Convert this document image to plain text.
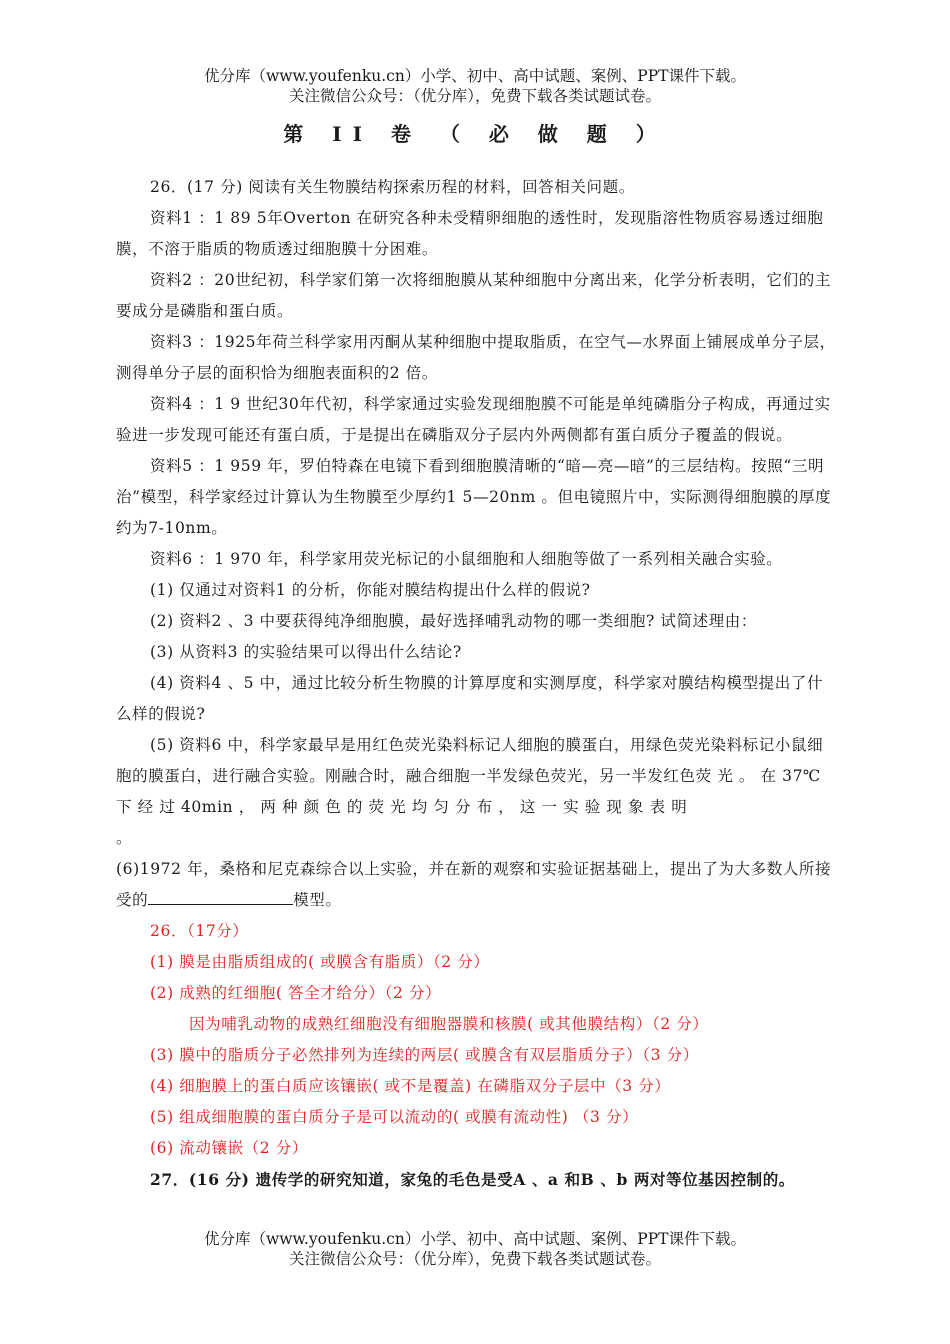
优分库（www.youfenku.cn）小学、初中、高中试题、案例、PPT课件下载。
关注微信公众号：（优分库），免费下载各类试题试卷。
第 II 卷 （ 必 做 题 ）

26．(17 分) 阅读有关生物膜结构探索历程的材料，回答相关问题。

资料1 ：1 89 5年Overton 在研究各种未受精卵细胞的透性时，发现脂溶性物质容易透过细胞膜，不溶于脂质的物质透过细胞膜十分困难。

资料2 ：20世纪初，科学家们第一次将细胞膜从某种细胞中分离出来，化学分析表明，它们的主要成分是磷脂和蛋白质。

资料3 ：1925年荷兰科学家用丙酮从某种细胞中提取脂质，在空气—水界面上铺展成单分子层，测得单分子层的面积恰为细胞表面积的2 倍。

资料4 ：1 9 世纪30年代初，科学家通过实验发现细胞膜不可能是单纯磷脂分子构成，再通过实验进一步发现可能还有蛋白质，于是提出在磷脂双分子层内外两侧都有蛋白质分子覆盖的假说。

资料5 ：1 959 年，罗伯特森在电镜下看到细胞膜清晰的“暗—亮—暗”的三层结构。按照“三明治”模型，科学家经过计算认为生物膜至少厚约1 5—20nm 。但电镜照片中，实际测得细胞膜的厚度约为7-10nm。

资料6 ：1 970 年，科学家用荧光标记的小鼠细胞和人细胞等做了一系列相关融合实验。

(1) 仅通过对资料1 的分析，你能对膜结构提出什么样的假说?

(2) 资料2 、3 中要获得纯净细胞膜，最好选择哺乳动物的哪一类细胞? 试简述理由：

(3) 从资料3 的实验结果可以得出什么结论?

(4) 资料4 、5 中，通过比较分析生物膜的计算厚度和实测厚度，科学家对膜结构模型提出了什么样的假说?

(5) 资料6 中，科学家最早是用红色荧光染料标记人细胞的膜蛋白，用绿色荧光染料标记小鼠细胞的膜蛋白，进行融合实验。刚融合时，融合细胞一半发绿色荧光，另一半发红色荧 光 。 在 37℃ 下 经 过 40min ， 两 种 颜 色 的 荧 光 均 匀 分 布 ， 这 一 实 验 现 象 表 明

。

(6)1972 年，桑格和尼克森综合以上实验，并在新的观察和实验证据基础上，提出了为大多数人所接受的	模型。

26．（17分）

(1) 膜是由脂质组成的( 或膜含有脂质）（2 分）

(2) 成熟的红细胞( 答全才给分）（2 分）

因为哺乳动物的成熟红细胞没有细胞器膜和核膜( 或其他膜结构）（2 分）

(3) 膜中的脂质分子必然排列为连续的两层( 或膜含有双层脂质分子）（3 分）

(4) 细胞膜上的蛋白质应该镶嵌( 或不是覆盖) 在磷脂双分子层中（3 分）

(5) 组成细胞膜的蛋白质分子是可以流动的( 或膜有流动性) （3 分）

(6) 流动镶嵌（2 分）

27．(16 分) 遗传学的研究知道，家兔的毛色是受A 、a 和B 、b 两对等位基因控制的。

优分库（www.youfenku.cn）小学、初中、高中试题、案例、PPT课件下载。
关注微信公众号：（优分库），免费下载各类试题试卷。
